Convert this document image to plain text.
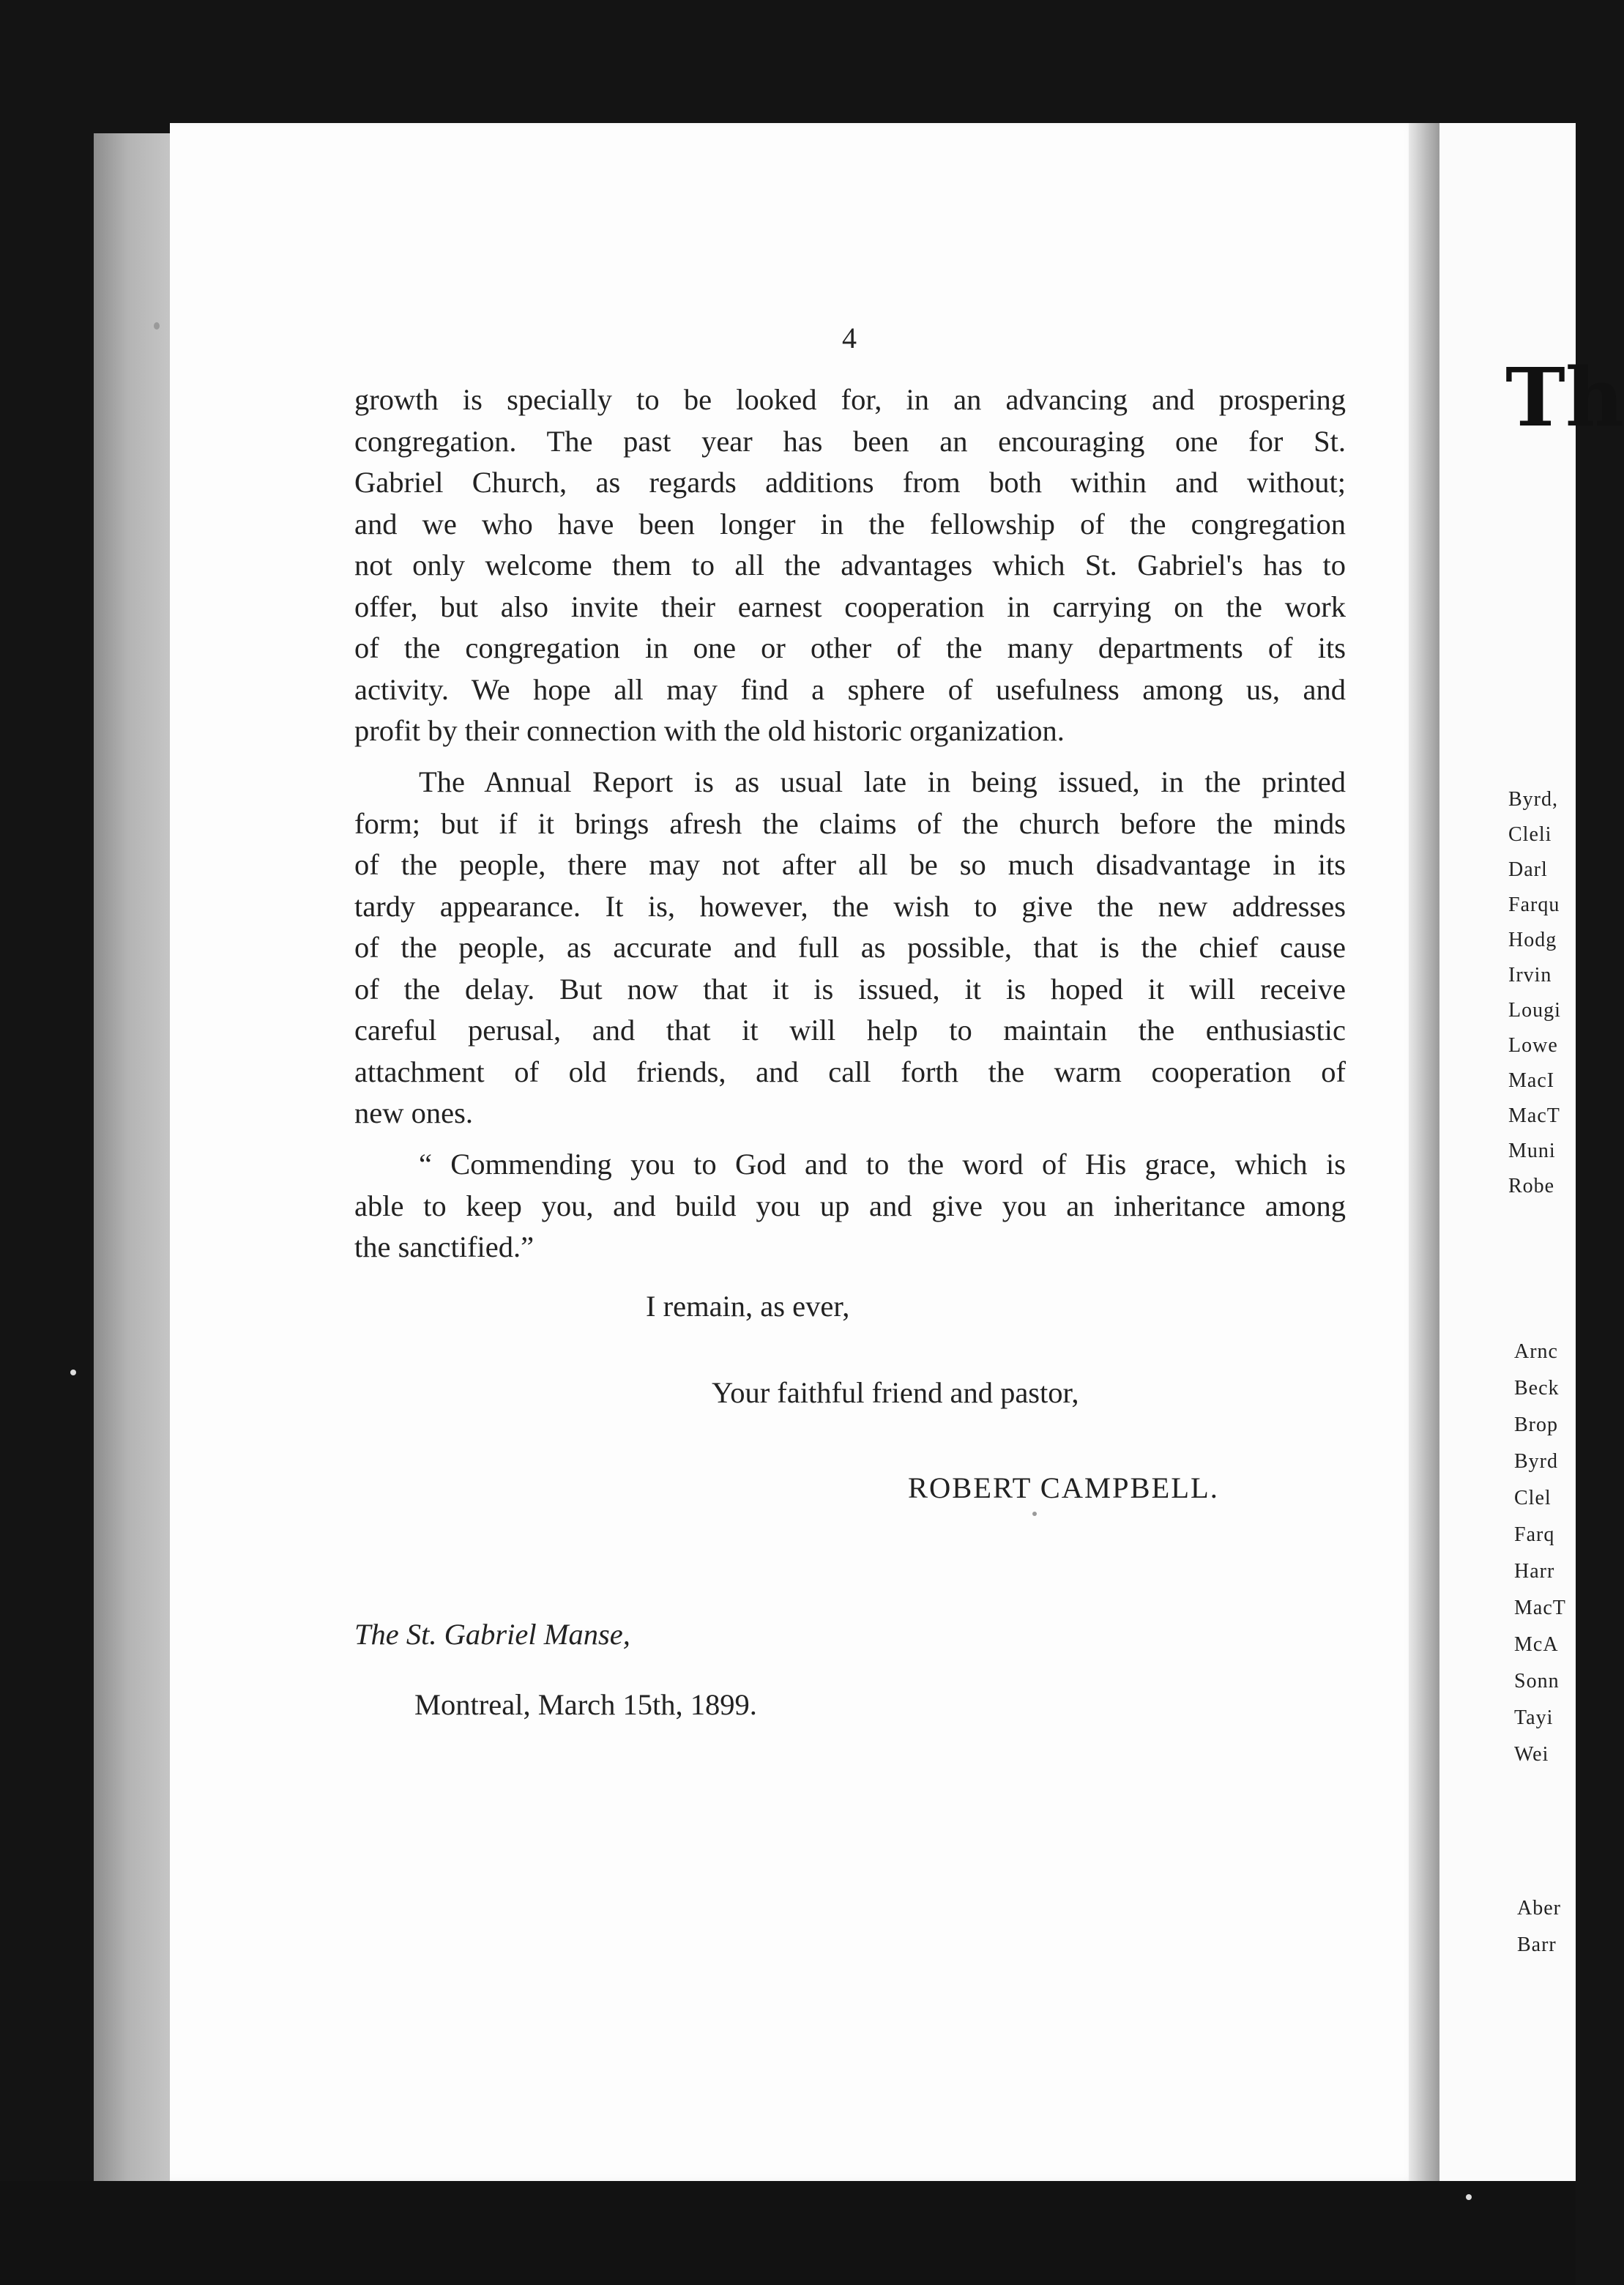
4
growth is specially to be looked for, in an advancing and prospering
congregation. The past year has been an encouraging one for St.
Gabriel Church, as regards additions from both within and without;
and we who have been longer in the fellowship of the congregation
not only welcome them to all the advantages which St. Gabriel's has to
offer, but also invite their earnest cooperation in carrying on the work
of the congregation in one or other of the many departments of its
activity. We hope all may find a sphere of usefulness among us, and
profit by their connection with the old historic organization.
The Annual Report is as usual late in being issued, in the printed
form; but if it brings afresh the claims of the church before the minds
of the people, there may not after all be so much disadvantage in its
tardy appearance. It is, however, the wish to give the new addresses
of the people, as accurate and full as possible, that is the chief cause
of the delay. But now that it is issued, it is hoped it will receive
careful perusal, and that it will help to maintain the enthusiastic
attachment of old friends, and call forth the warm cooperation of
new ones.
“ Commending you to God and to the word of His grace, which is
able to keep you, and build you up and give you an inheritance among
the sanctified.”
I remain, as ever,
Your faithful friend and pastor,
ROBERT CAMPBELL.
The St. Gabriel Manse,
Montreal, March 15th, 1899.
Th
Byrd,
Cleli
Darl
Farqu
Hodg
Irvin
Lougi
Lowe
MacI
MacT
Muni
Robe
Arnc
Beck
Brop
Byrd
Clel
Farq
Harr
MacT
McA
Sonn
Tayi
Wei
Aber
Barr
